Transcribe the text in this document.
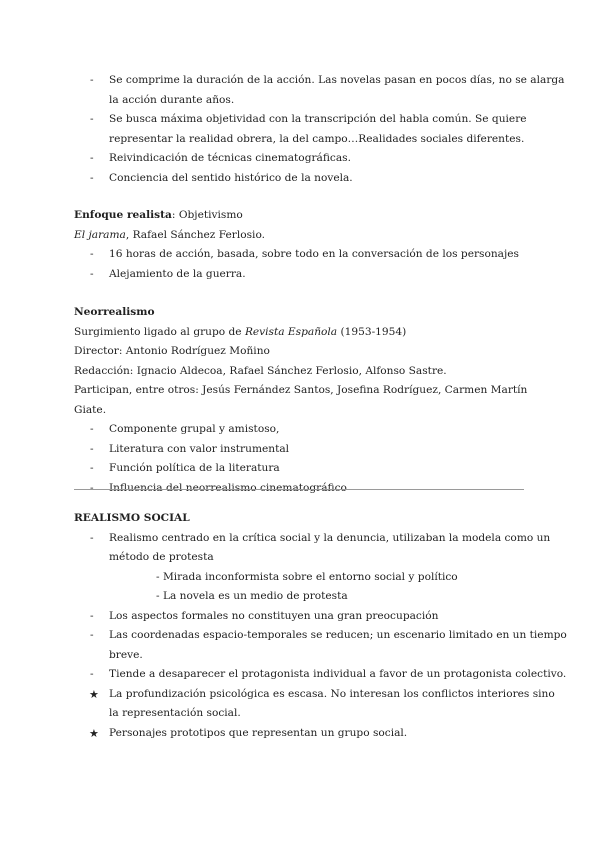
- Se comprime la duración de la acción. Las novelas pasan en pocos días, no se alarga
la acción durante años.
- Se busca máxima objetividad con la transcripción del habla común. Se quiere
representar la realidad obrera, la del campo…Realidades sociales diferentes.
- Reivindicación de técnicas cinematográficas.
- Conciencia del sentido histórico de la novela.
Enfoque realista: Objetivismo
El jarama, Rafael Sánchez Ferlosio.
- 16 horas de acción, basada, sobre todo en la conversación de los personajes
- Alejamiento de la guerra.
Neorrealismo
Surgimiento ligado al grupo de Revista Española (1953-1954)
Director: Antonio Rodríguez Moñino
Redacción: Ignacio Aldecoa, Rafael Sánchez Ferlosio, Alfonso Sastre.
Participan, entre otros: Jesús Fernández Santos, Josefina Rodríguez, Carmen Martín Giate.
- Componente grupal y amistoso,
- Literatura con valor instrumental
- Función política de la literatura
- Influencia del neorrealismo cinematográfico
REALISMO SOCIAL
- Realismo centrado en la crítica social y la denuncia, utilizaban la modela como un
método de protesta
- Mirada inconformista sobre el entorno social y político
- La novela es un medio de protesta
- Los aspectos formales no constituyen una gran preocupación
- Las coordenadas espacio-temporales se reducen; un escenario limitado en un tiempo
breve.
- Tiende a desaparecer el protagonista individual a favor de un protagonista colectivo.
★ La profundización psicológica es escasa. No interesan los conflictos interiores sino
la representación social.
★ Personajes prototipos que representan un grupo social.
